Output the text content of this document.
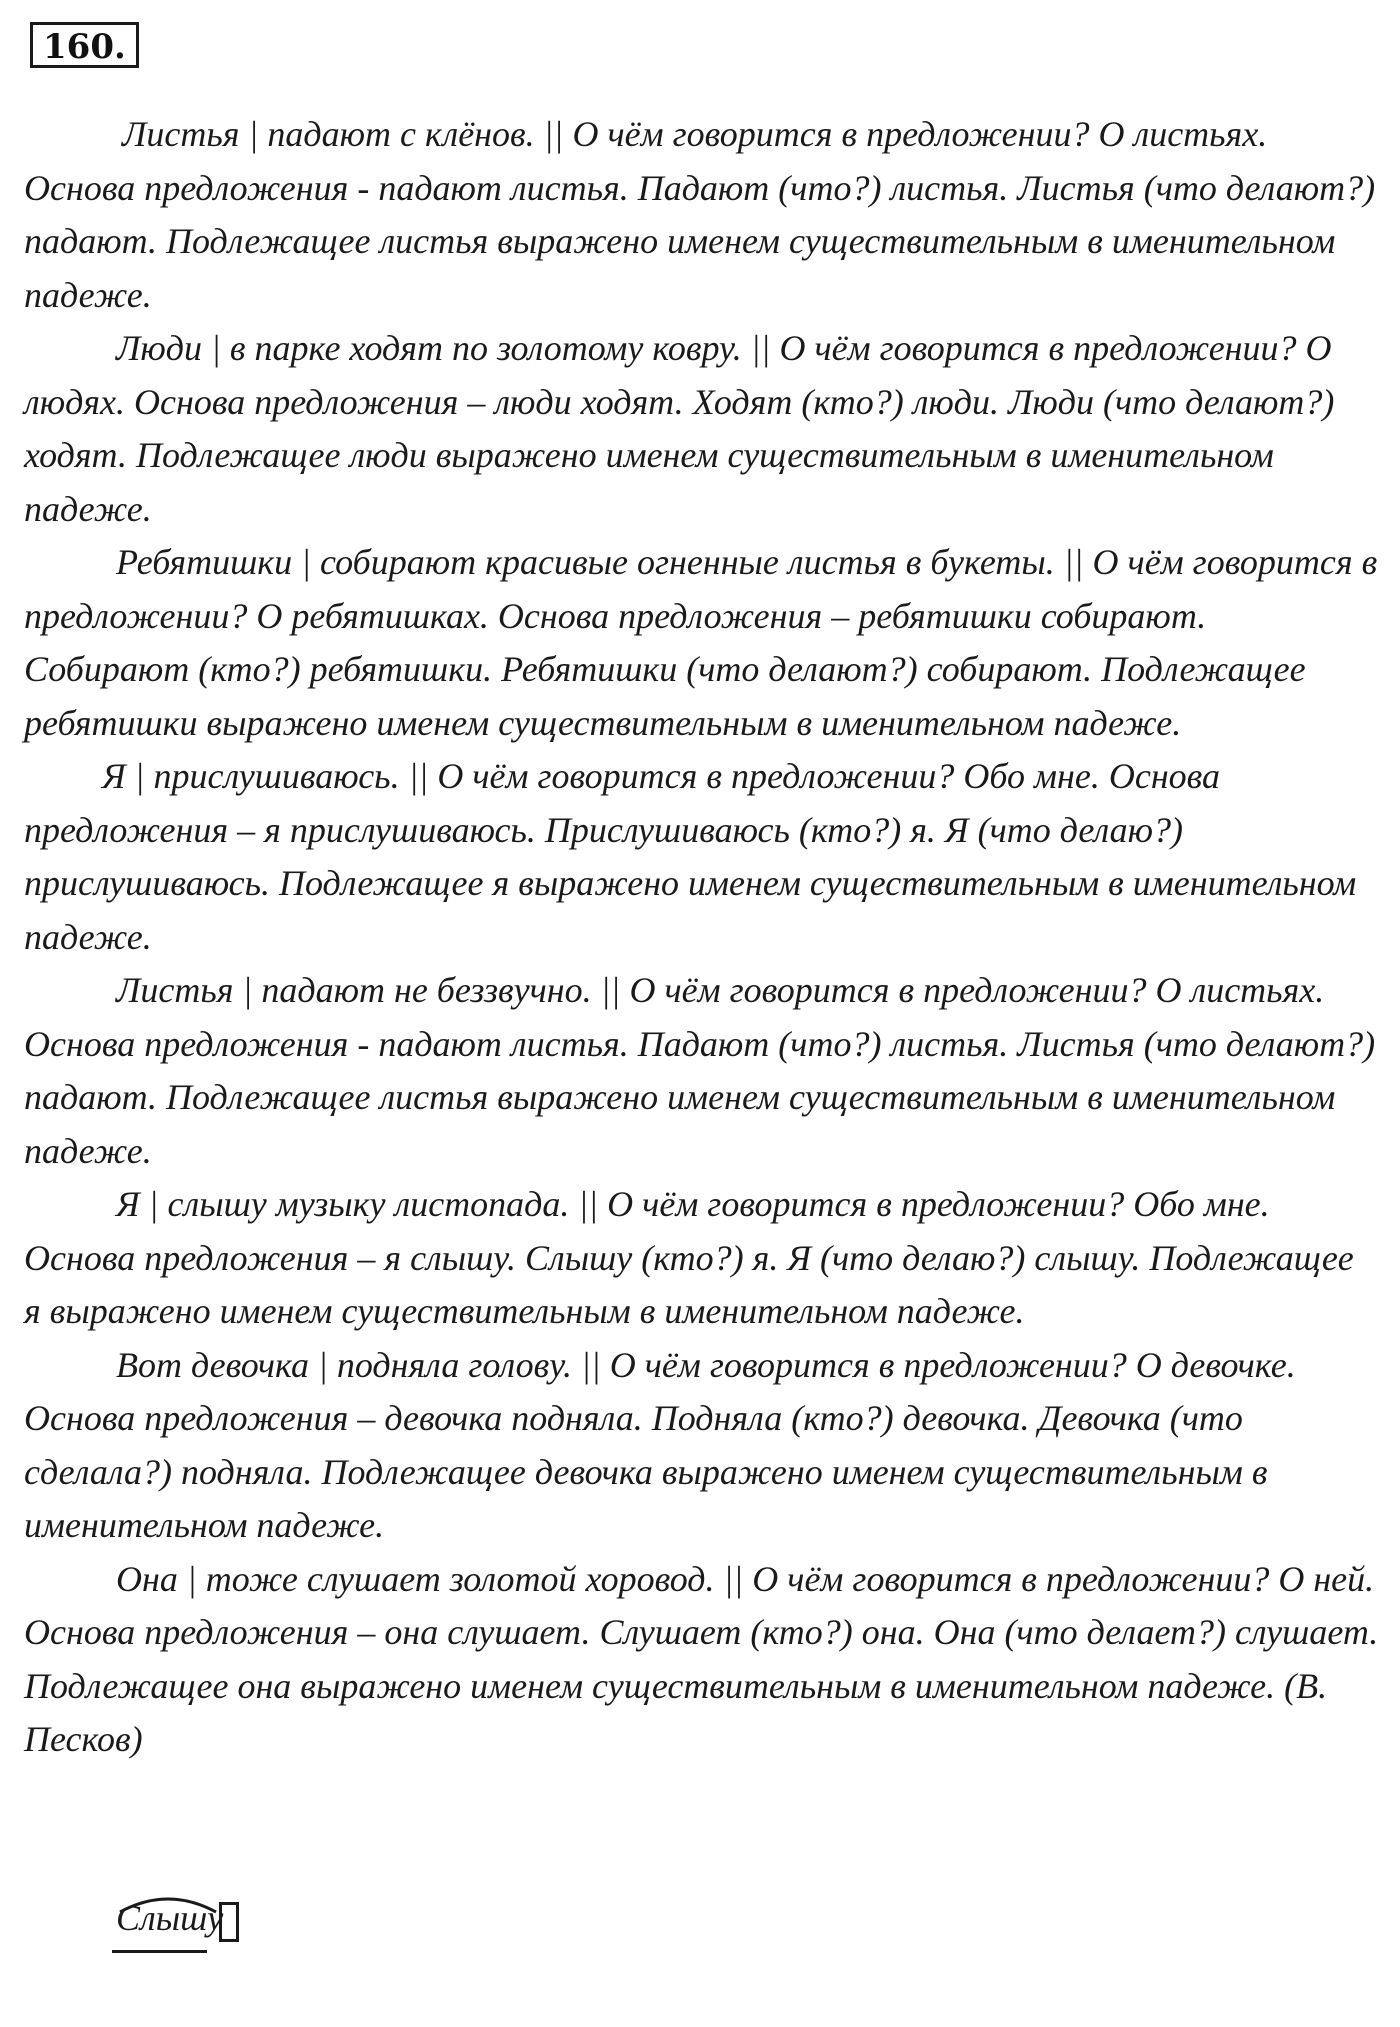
160.

Листья | падают с клёнов. || О чём говорится в предложении? О листьях. Основа предложения - падают листья. Падают (что?) листья. Листья (что делают?) падают. Подлежащее листья выражено именем существительным в именительном падеже.

Люди | в парке ходят по золотому ковру. || О чём говорится в предложении? О людях. Основа предложения – люди ходят. Ходят (кто?) люди. Люди (что делают?) ходят. Подлежащее люди выражено именем существительным в именительном падеже.

Ребятишки | собирают красивые огненные листья в букеты. || О чём говорится в предложении? О ребятишках. Основа предложения – ребятишки собирают. Собирают (кто?) ребятишки. Ребятишки (что делают?) собирают. Подлежащее ребятишки выражено именем существительным в именительном падеже.

Я | прислушиваюсь. || О чём говорится в предложении? Обо мне. Основа предложения – я прислушиваюсь. Прислушиваюсь (кто?) я. Я (что делаю?) прислушиваюсь. Подлежащее я выражено именем существительным в именительном падеже.

Листья | падают не беззвучно. || О чём говорится в предложении? О листьях. Основа предложения - падают листья. Падают (что?) листья. Листья (что делают?) падают. Подлежащее листья выражено именем существительным в именительном падеже.

Я | слышу музыку листопада. || О чём говорится в предложении? Обо мне. Основа предложения – я слышу. Слышу (кто?) я. Я (что делаю?) слышу. Подлежащее я выражено именем существительным в именительном падеже.

Вот девочка | подняла голову. || О чём говорится в предложении? О девочке. Основа предложения – девочка подняла. Подняла (кто?) девочка. Девочка (что сделала?) подняла. Подлежащее девочка выражено именем существительным в именительном падеже.

Она | тоже слушает золотой хоровод. || О чём говорится в предложении? О ней. Основа предложения – она слушает. Слушает (кто?) она. Она (что делает?) слушает. Подлежащее она выражено именем существительным в именительном падеже. (В. Песков)

Слышу
